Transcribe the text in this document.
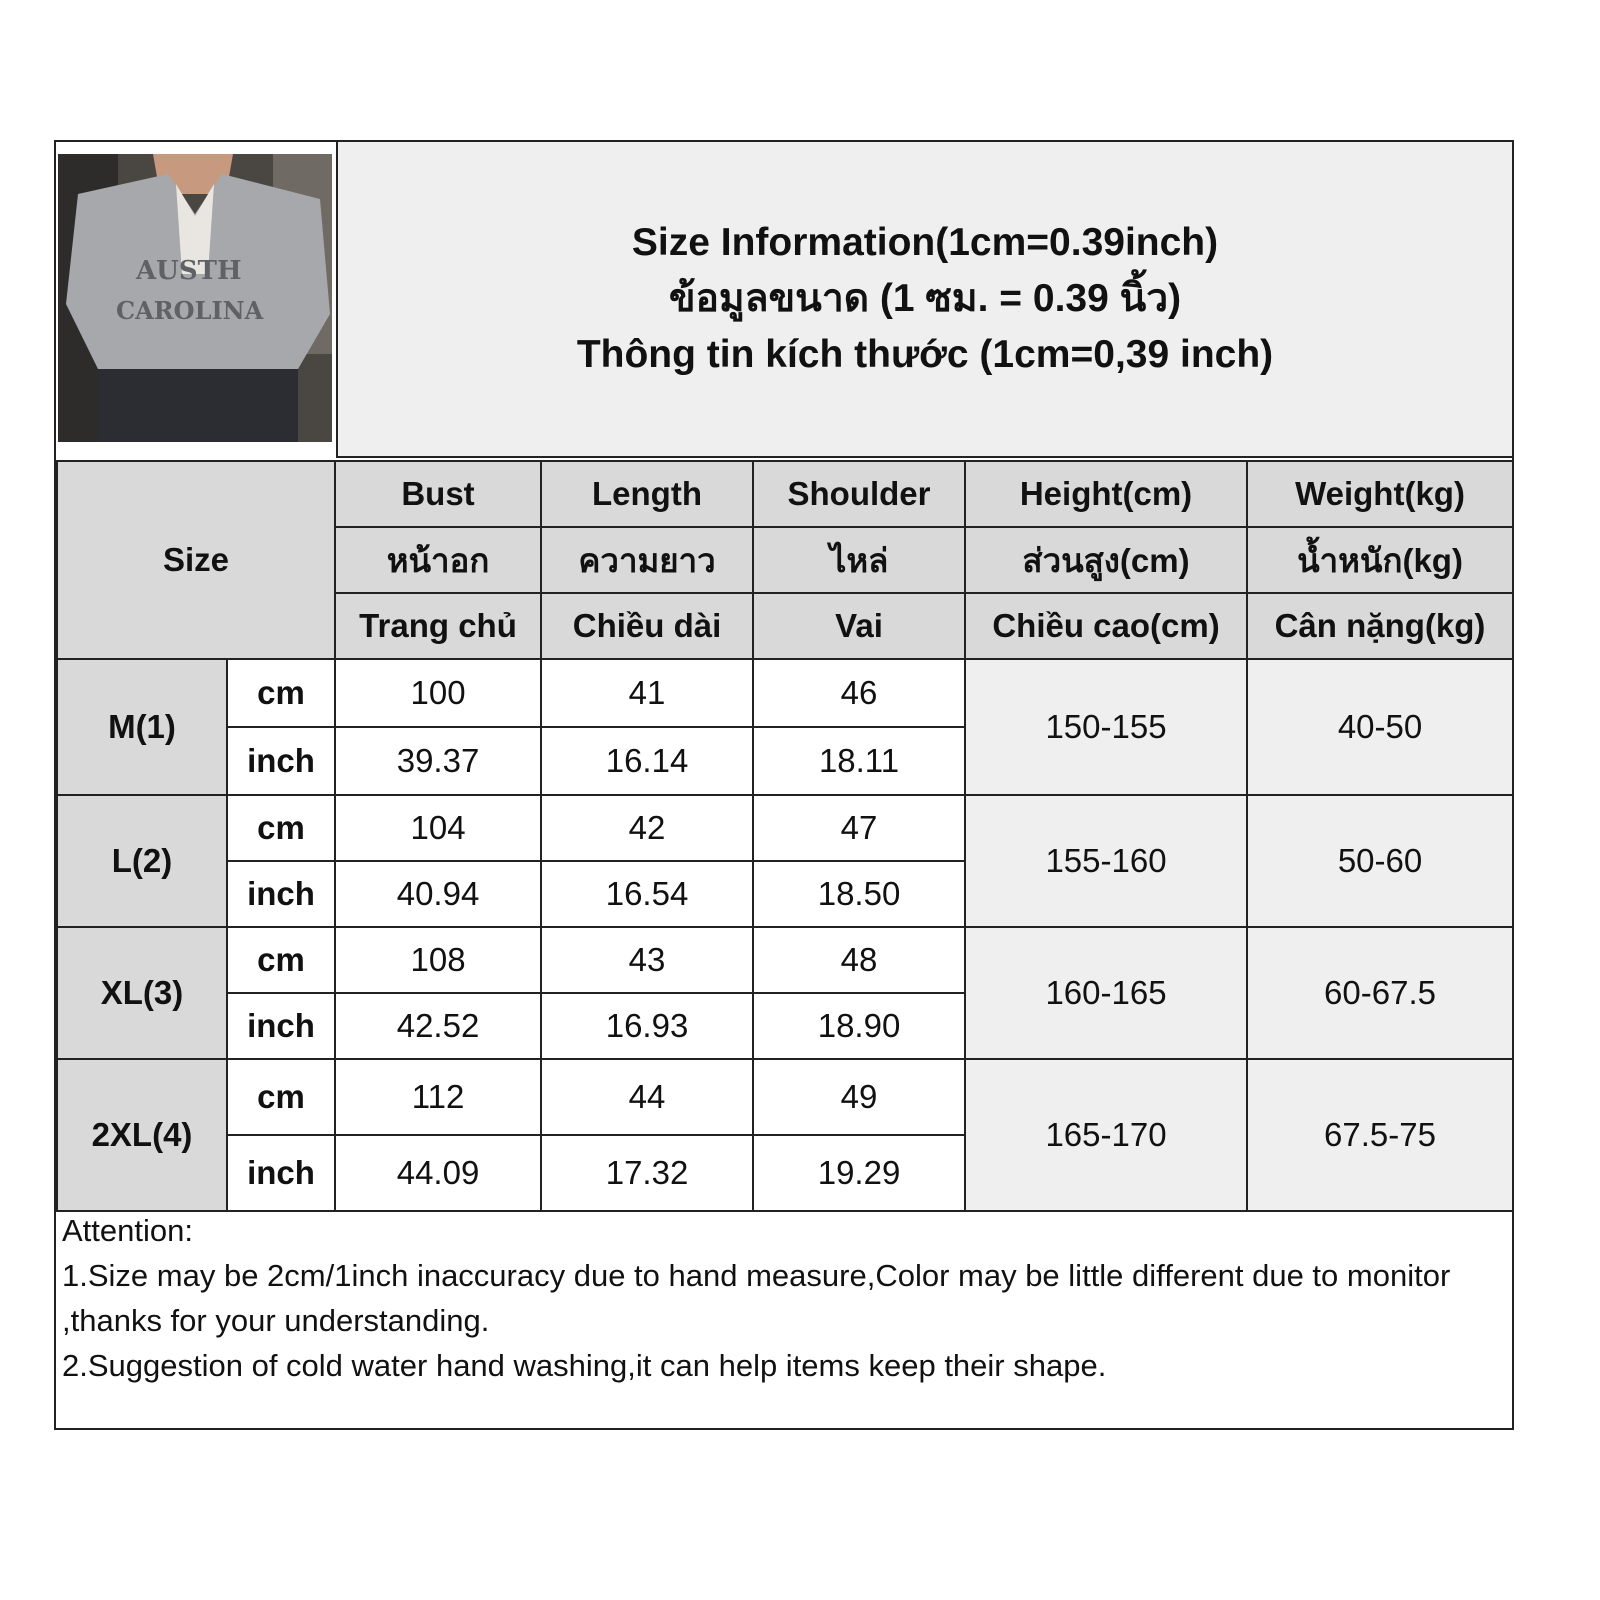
AUSTH
CAROLINA
Size Information(1cm=0.39inch)
ข้อมูลขนาด (1 ซม. = 0.39 นิ้ว)
Thông tin kích thước (1cm=0,39 inch)
Size		Bust	Length	Shoulder	Height(cm)	Weight(kg)
		หน้าอก	ความยาว	ไหล่	ส่วนสูง(cm)	น้ำหนัก(kg)
		Trang chủ	Chiều dài	Vai	Chiều cao(cm)	Cân nặng(kg)
M(1)	cm	100	41	46	150-155	40-50
	inch	39.37	16.14	18.11		
L(2)	cm	104	42	47	155-160	50-60
	inch	40.94	16.54	18.50		
XL(3)	cm	108	43	48	160-165	60-67.5
	inch	42.52	16.93	18.90		
2XL(4)	cm	112	44	49	165-170	67.5-75
	inch	44.09	17.32	19.29		
Attention:
1.Size may be 2cm/1inch inaccuracy due to hand measure,Color may be little different due to monitor ,thanks for your understanding.
2.Suggestion of cold water hand washing,it can help items keep their shape.
